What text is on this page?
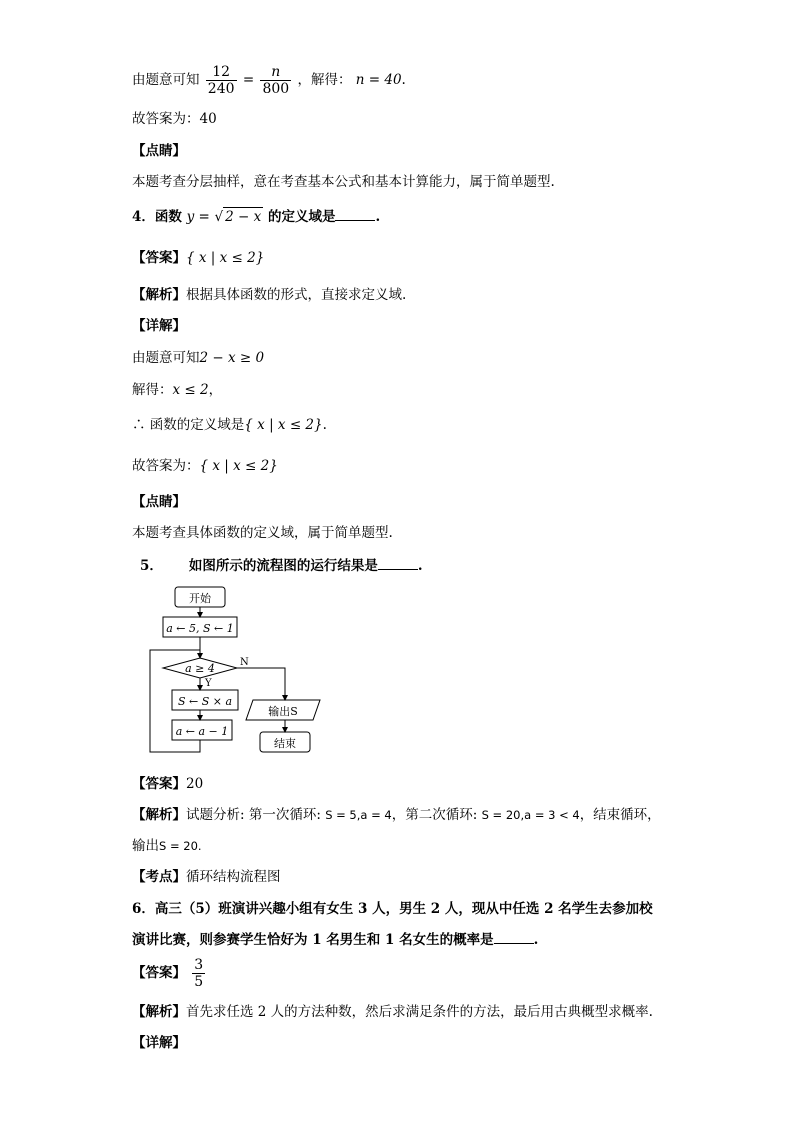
由题意可知 $\frac{12}{240} = \frac{n}{800}$ ，解得： n = 40.
故答案为：40
【点睛】
本题考查分层抽样，意在考查基本公式和基本计算能力，属于简单题型.
4．函数 y = √ 2 − x 的定义域是	.
【答案】{ x | x ≤ 2}
【解析】根据具体函数的形式，直接求定义域.
【详解】
由题意可知2 − x ≥ 0
解得：x ≤ 2，
∴ 函数的定义域是{ x | x ≤ 2}.
故答案为：{ x | x ≤ 2}
【点睛】
本题考查具体函数的定义域，属于简单题型.
5． 如图所示的流程图的运行结果是	.
开始
a ← 5, S ← 1
a ≥ 4
Y
N
S ← S × a
a ← a − 1
输出S
结束
【答案】20
【解析】试题分析: 第一次循环: S = 5,a = 4，第二次循环: S = 20,a = 3 < 4，结束循环，
输出S = 20.
【考点】循环结构流程图
6．高三（5）班演讲兴趣小组有女生 3 人，男生 2 人，现从中任选 2 名学生去参加校
演讲比赛，则参赛学生恰好为 1 名男生和 1 名女生的概率是	.
【答案】 $\frac{3}{5}$
【解析】首先求任选 2 人的方法种数，然后求满足条件的方法，最后用古典概型求概率.
【详解】
